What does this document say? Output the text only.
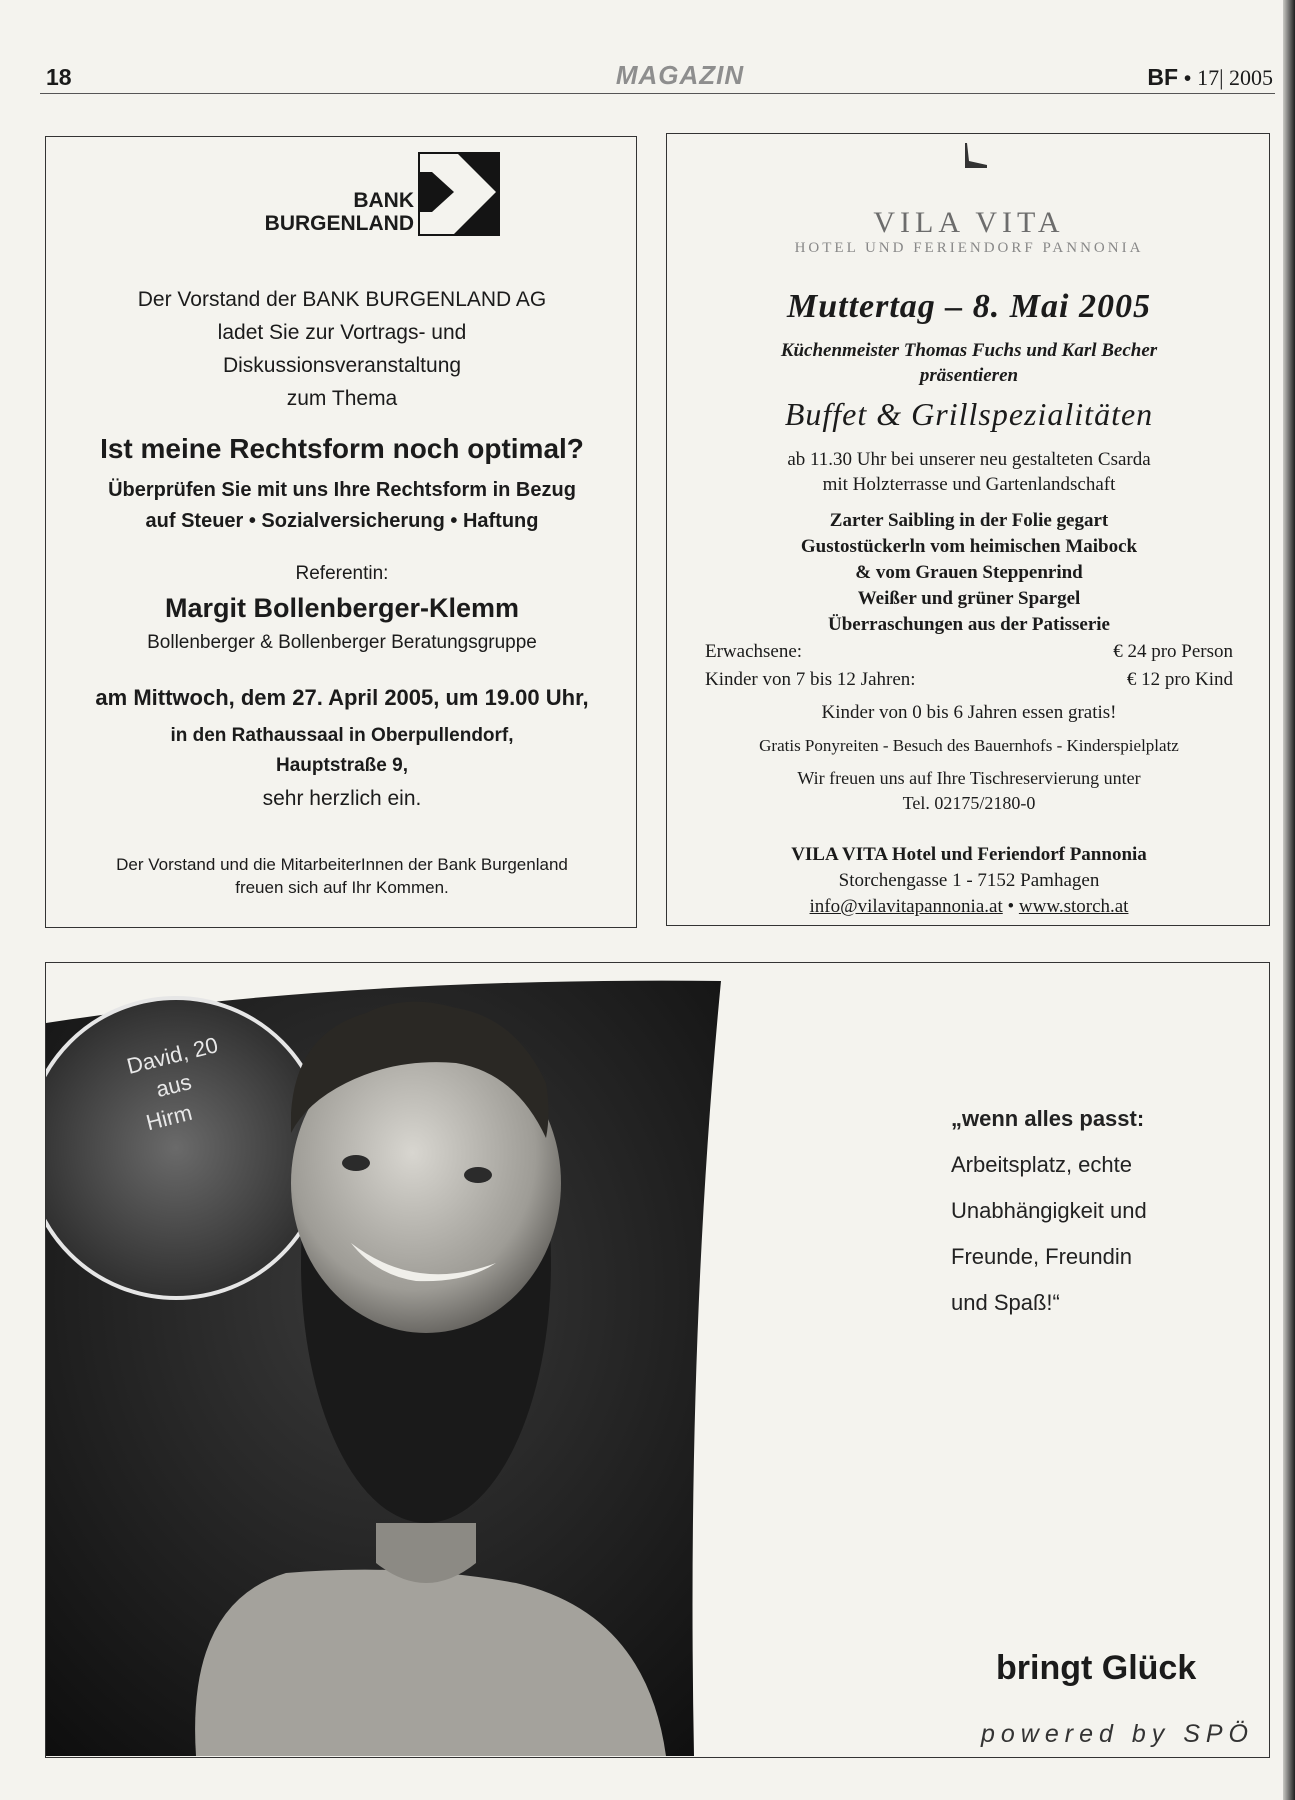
18	MAGAZIN	BF • 17| 2005
BANK
BURGENLAND
Der Vorstand der BANK BURGENLAND AG
ladet Sie zur Vortrags- und
Diskussionsveranstaltung
zum Thema
Ist meine Rechtsform noch optimal?
Überprüfen Sie mit uns Ihre Rechtsform in Bezug
auf Steuer • Sozialversicherung • Haftung
Referentin:
Margit Bollenberger-Klemm
Bollenberger & Bollenberger Beratungsgruppe
am Mittwoch, dem 27. April 2005, um 19.00 Uhr,
in den Rathaussaal in Oberpullendorf,
Hauptstraße 9,
sehr herzlich ein.
Der Vorstand und die MitarbeiterInnen der Bank Burgenland
freuen sich auf Ihr Kommen.
VILA VITA
HOTEL UND FERIENDORF PANNONIA
Muttertag – 8. Mai 2005
Küchenmeister Thomas Fuchs und Karl Becher
präsentieren
Buffet & Grillspezialitäten
ab 11.30 Uhr bei unserer neu gestalteten Csarda
mit Holzterrasse und Gartenlandschaft
Zarter Saibling in der Folie gegart
Gustostückerln vom heimischen Maibock
& vom Grauen Steppenrind
Weißer und grüner Spargel
Überraschungen aus der Patisserie
Erwachsene:	€ 24 pro Person
Kinder von 7 bis 12 Jahren:	€ 12 pro Kind
Kinder von 0 bis 6 Jahren essen gratis!
Gratis Ponyreiten - Besuch des Bauernhofs - Kinderspielplatz
Wir freuen uns auf Ihre Tischreservierung unter
Tel. 02175/2180-0
VILA VITA Hotel und Feriendorf Pannonia
Storchengasse 1 - 7152 Pamhagen
info@vilavitapannonia.at • www.storch.at
David, 20
aus
Hirm	„wenn alles passt:
Arbeitsplatz, echte
Unabhängigkeit und
Freunde, Freundin
und Spaß!“
bringt Glück
powered by SPÖ
